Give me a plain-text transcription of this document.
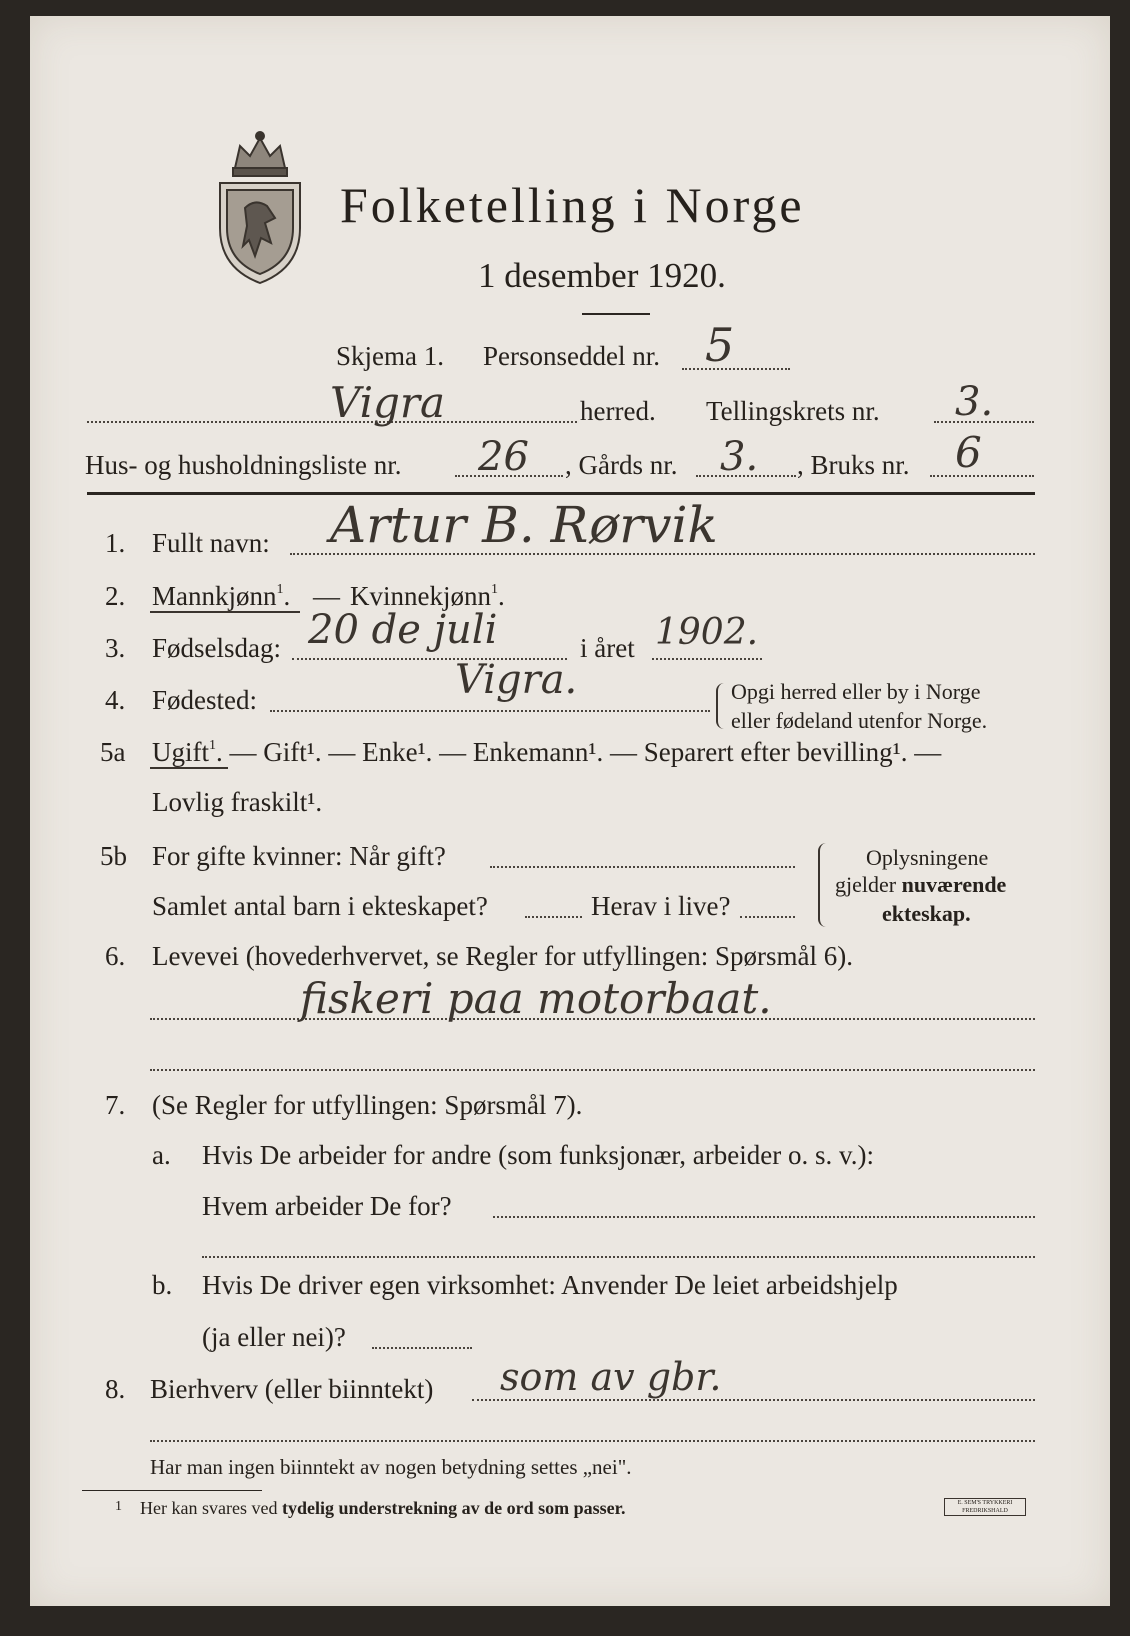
Folketelling i Norge
1 desember 1920.
Skjema 1. Personseddel nr. 5
Vigra	herred. Tellingskrets nr. 3.
Hus- og husholdningsliste nr. 26 , Gårds nr. 3. , Bruks nr. 6
1. Fullt navn: Artur B. Rørvik
2. Mannkjønn$^1$. — Kvinnekjønn$^1$.
3. Fødselsdag: 20 de juli	i året 1902.
4. Fødested:	Vigra.	Opgi herred eller by i Norge
eller fødeland utenfor Norge.
5a Ugift$^1$. — Gift¹. — Enke¹. — Enkemann¹. — Separert efter bevilling¹. —
Lovlig fraskilt¹.
5b For gifte kvinner: Når gift?
Samlet antal barn i ekteskapet?	Herav i live?
Oplysningene
gjelder nuværende
ekteskap.
6. Levevei (hovederhvervet, se Regler for utfyllingen: Spørsmål 6).
fiskeri paa motorbaat.
7. (Se Regler for utfyllingen: Spørsmål 7).
a. Hvis De arbeider for andre (som funksjonær, arbeider o. s. v.):
Hvem arbeider De for?
b. Hvis De driver egen virksomhet: Anvender De leiet arbeidshjelp
(ja eller nei)?
8. Bierhverv (eller biinntekt) som av gbr.
Har man ingen biinntekt av nogen betydning settes „nei".
1 Her kan svares ved tydelig understrekning av de ord som passer.	E. SEM'S TRYKKERI FREDRIKSHALD
